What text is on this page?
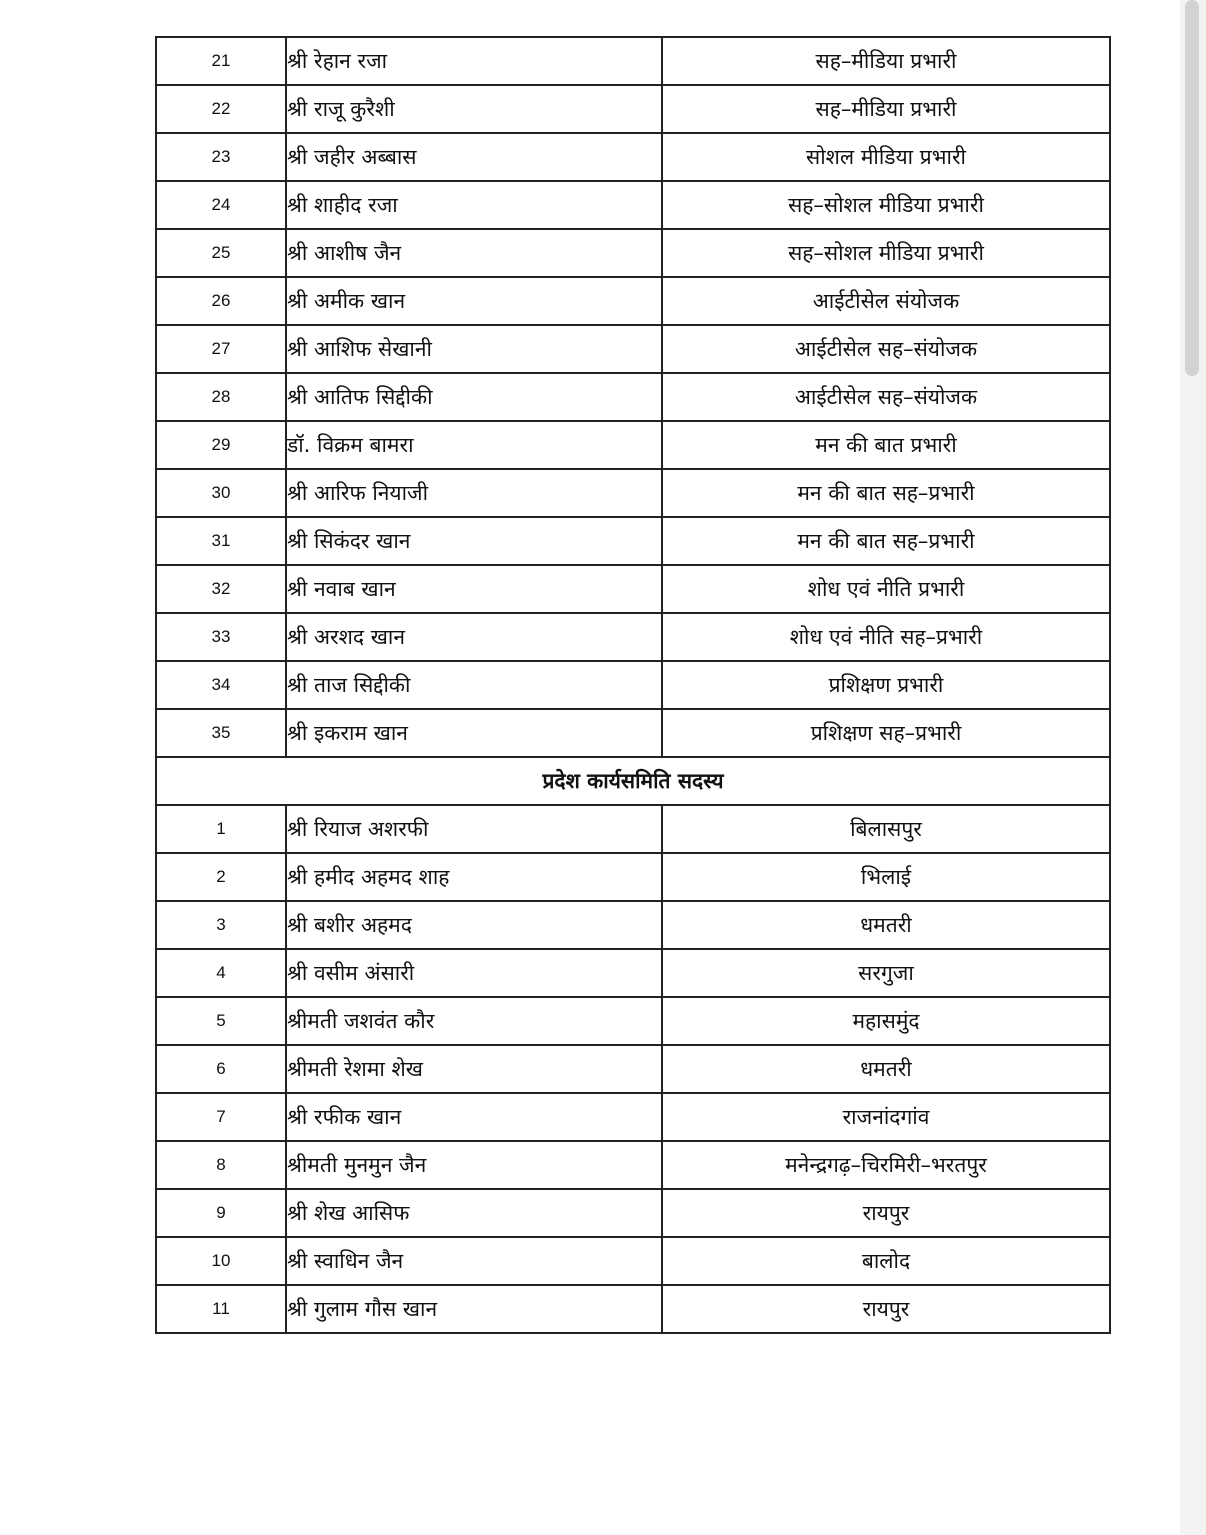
21	श्री रेहान रजा	सह–मीडिया प्रभारी
22	श्री राजू कुरैशी	सह–मीडिया प्रभारी
23	श्री जहीर अब्बास	सोशल मीडिया प्रभारी
24	श्री शाहीद रजा	सह–सोशल मीडिया प्रभारी
25	श्री आशीष जैन	सह–सोशल मीडिया प्रभारी
26	श्री अमीक खान	आईटीसेल संयोजक
27	श्री आशिफ सेखानी	आईटीसेल सह–संयोजक
28	श्री आतिफ सिद्दीकी	आईटीसेल सह–संयोजक
29	डॉ. विक्रम बामरा	मन की बात प्रभारी
30	श्री आरिफ नियाजी	मन की बात सह–प्रभारी
31	श्री सिकंदर खान	मन की बात सह–प्रभारी
32	श्री नवाब खान	शोध एवं नीति प्रभारी
33	श्री अरशद खान	शोध एवं नीति सह–प्रभारी
34	श्री ताज सिद्दीकी	प्रशिक्षण प्रभारी
35	श्री इकराम खान	प्रशिक्षण सह–प्रभारी
प्रदेश कार्यसमिति सदस्य		
1	श्री रियाज अशरफी	बिलासपुर
2	श्री हमीद अहमद शाह	भिलाई
3	श्री बशीर अहमद	धमतरी
4	श्री वसीम अंसारी	सरगुजा
5	श्रीमती जशवंत कौर	महासमुंद
6	श्रीमती रेशमा शेख	धमतरी
7	श्री रफीक खान	राजनांदगांव
8	श्रीमती मुनमुन जैन	मनेन्द्रगढ़–चिरमिरी–भरतपुर
9	श्री शेख आसिफ	रायपुर
10	श्री स्वाधिन जैन	बालोद
11	श्री गुलाम गौस खान	रायपुर
